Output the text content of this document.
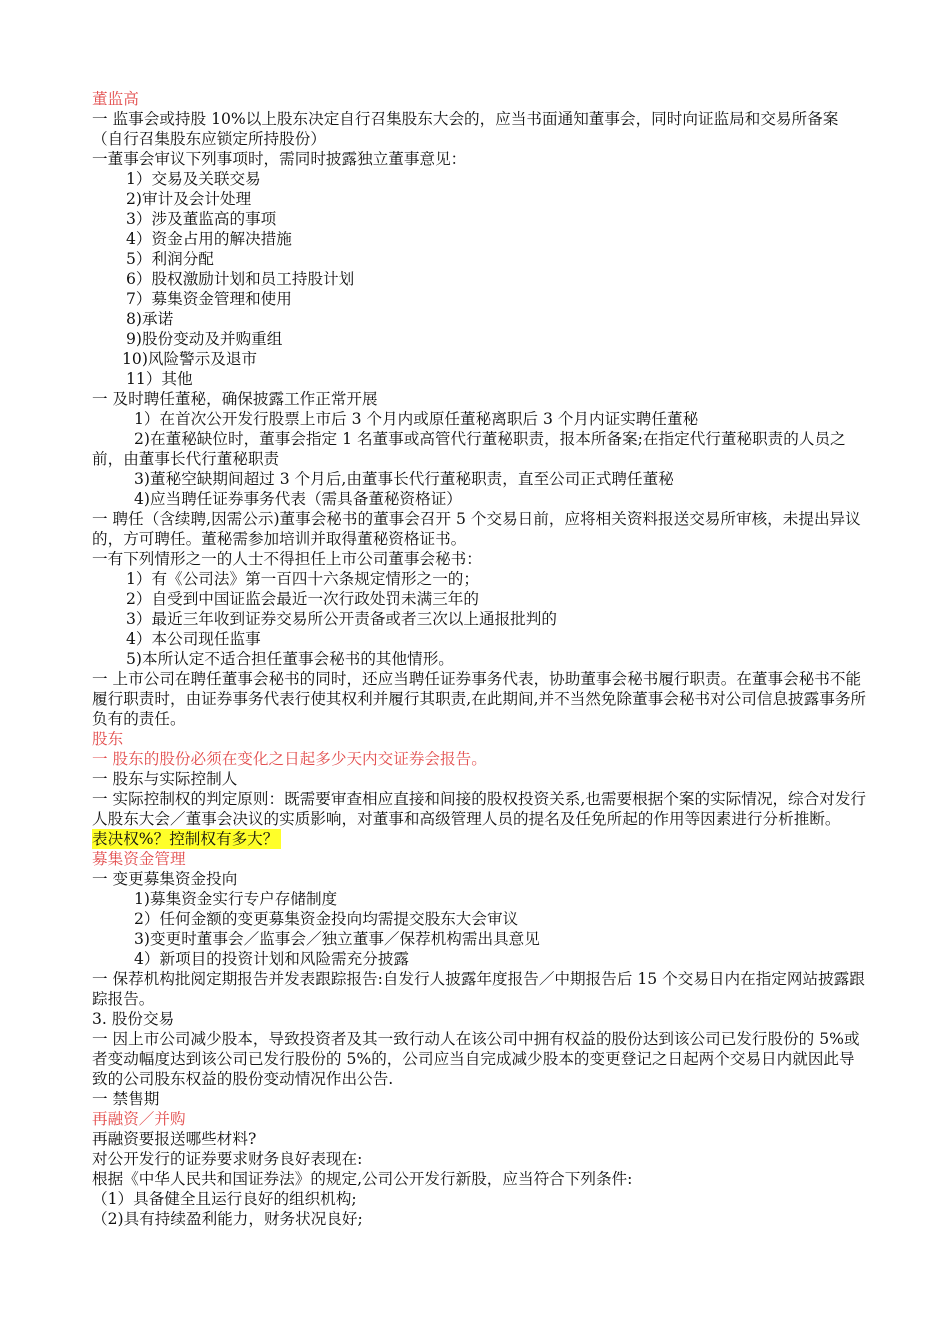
董监高
一 监事会或持股 10%以上股东决定自行召集股东大会的，应当书面通知董事会，同时向证监局和交易所备案（自行召集股东应锁定所持股份）
一董事会审议下列事项时，需同时披露独立董事意见：
1）交易及关联交易
2)审计及会计处理
3）涉及董监高的事项
4）资金占用的解决措施
5）利润分配
6）股权激励计划和员工持股计划
7）募集资金管理和使用
8)承诺
9)股份变动及并购重组
10)风险警示及退市
11）其他
一 及时聘任董秘，确保披露工作正常开展
1）在首次公开发行股票上市后 3 个月内或原任董秘离职后 3 个月内证实聘任董秘
2)在董秘缺位时，董事会指定 1 名董事或高管代行董秘职责，报本所备案;在指定代行董秘职责的人员之前，由董事长代行董秘职责
3)董秘空缺期间超过 3 个月后,由董事长代行董秘职责，直至公司正式聘任董秘
4)应当聘任证券事务代表（需具备董秘资格证）
一 聘任（含续聘,因需公示)董事会秘书的董事会召开 5 个交易日前，应将相关资料报送交易所审核，未提出异议的，方可聘任。董秘需参加培训并取得董秘资格证书。
一有下列情形之一的人士不得担任上市公司董事会秘书：
1）有《公司法》第一百四十六条规定情形之一的；
2）自受到中国证监会最近一次行政处罚未满三年的
3）最近三年收到证券交易所公开责备或者三次以上通报批判的
4）本公司现任监事
5)本所认定不适合担任董事会秘书的其他情形。
一 上市公司在聘任董事会秘书的同时，还应当聘任证券事务代表，协助董事会秘书履行职责。在董事会秘书不能履行职责时，由证券事务代表行使其权利并履行其职责,在此期间,并不当然免除董事会秘书对公司信息披露事务所负有的责任。
股东
一 股东的股份必须在变化之日起多少天内交证券会报告。
一 股东与实际控制人
一 实际控制权的判定原则：既需要审查相应直接和间接的股权投资关系,也需要根据个案的实际情况，综合对发行人股东大会／董事会决议的实质影响，对董事和高级管理人员的提名及任免所起的作用等因素进行分析推断。
表决权%？控制权有多大？
募集资金管理
一 变更募集资金投向
1)募集资金实行专户存储制度
2）任何金额的变更募集资金投向均需提交股东大会审议
3)变更时董事会／监事会／独立董事／保荐机构需出具意见
4）新项目的投资计划和风险需充分披露
一 保荐机构批阅定期报告并发表跟踪报告:自发行人披露年度报告／中期报告后 15 个交易日内在指定网站披露跟踪报告。
3. 股份交易
一 因上市公司减少股本，导致投资者及其一致行动人在该公司中拥有权益的股份达到该公司已发行股份的 5%或者变动幅度达到该公司已发行股份的 5%的，公司应当自完成减少股本的变更登记之日起两个交易日内就因此导致的公司股东权益的股份变动情况作出公告.
一 禁售期
再融资／并购
再融资要报送哪些材料?
对公开发行的证券要求财务良好表现在:
根据《中华人民共和国证券法》的规定,公司公开发行新股，应当符合下列条件:
（1）具备健全且运行良好的组织机构;
（2)具有持续盈利能力，财务状况良好;
